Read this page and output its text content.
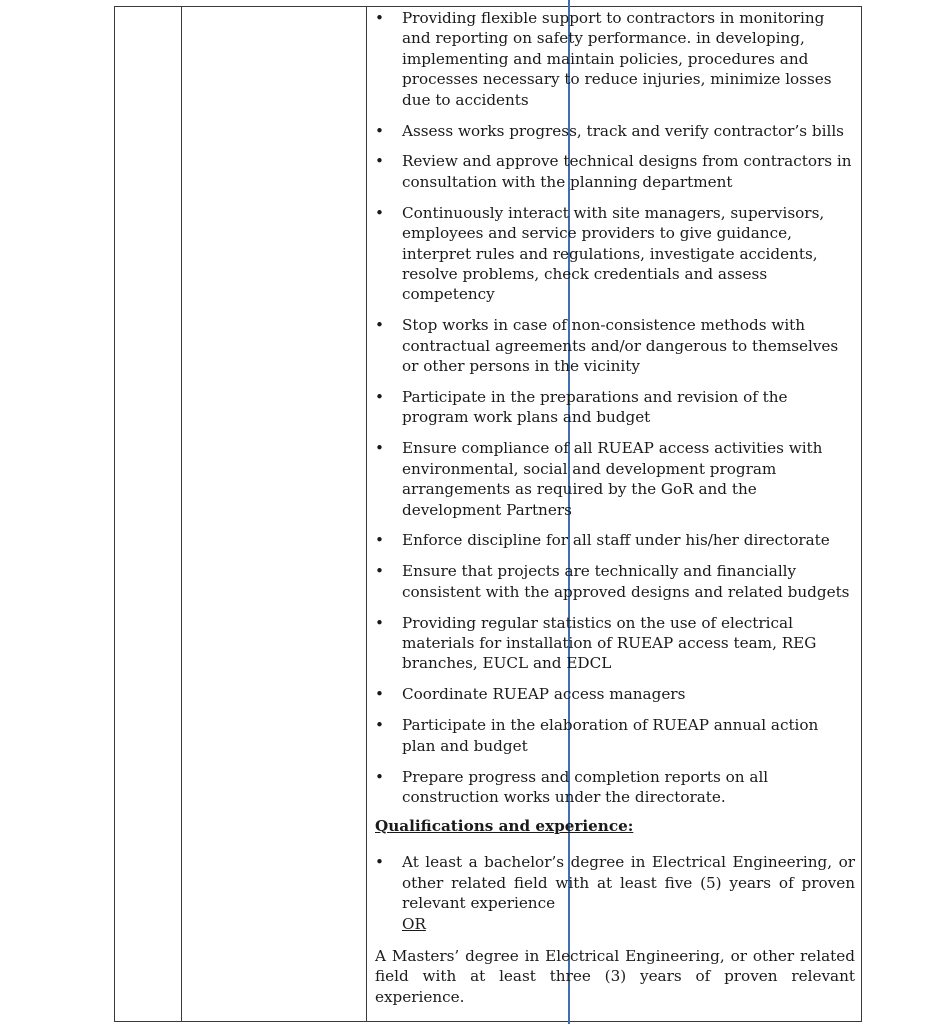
• Providing flexible support to contractors in monitoring and reporting on safety performance. in developing, implementing and maintain policies, procedures and processes necessary to reduce injuries, minimize losses due to accidents
• Assess works progress, track and verify contractor’s bills
• Review and approve technical designs from contractors in consultation with the planning department
• Continuously interact with site managers, supervisors, employees and service providers to give guidance, interpret rules and regulations, investigate accidents, resolve problems, check credentials and assess competency
• Stop works in case of non-consistence methods with contractual agreements and/or dangerous to themselves or other persons in the vicinity
• Participate in the preparations and revision of the program work plans and budget
• Ensure compliance of all RUEAP access activities with environmental, social and development program arrangements as required by the GoR and the development Partners
• Enforce discipline for all staff under his/her directorate
• Ensure that projects are technically and financially consistent with the approved designs and related budgets
• Providing regular statistics on the use of electrical materials for installation of RUEAP access team, REG branches, EUCL and EDCL
• Coordinate RUEAP access managers
• Participate in the elaboration of RUEAP annual action plan and budget
• Prepare progress and completion reports on all construction works under the directorate.
Qualifications and experience:
• At least a bachelor’s degree in Electrical Engineering, or other related field with at least five (5) years of proven relevant experience
OR
A Masters’ degree in Electrical Engineering, or other related field with at least three (3) years of proven relevant experience.
